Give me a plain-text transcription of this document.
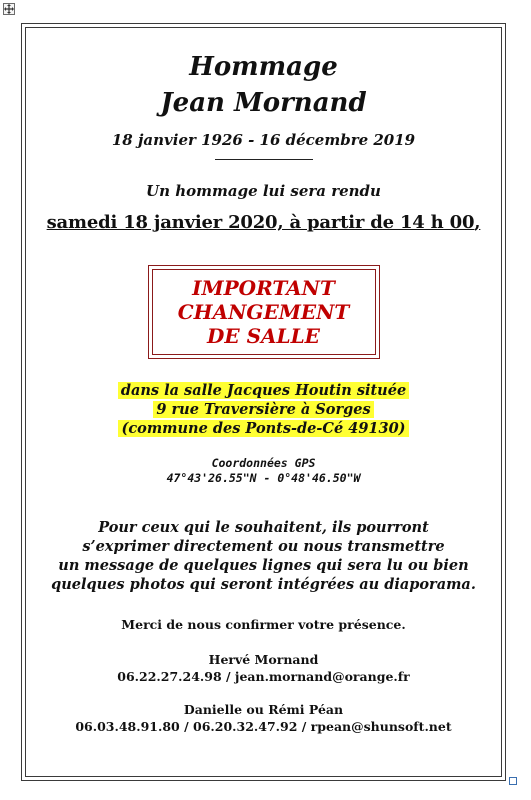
Hommage
Jean Mornand
18 janvier 1926 - 16 décembre 2019
Un hommage lui sera rendu
samedi 18 janvier 2020, à partir de 14 h 00,
IMPORTANT
CHANGEMENT
DE SALLE
dans la salle Jacques Houtin située
9 rue Traversière à Sorges
(commune des Ponts-de-Cé 49130)
Coordonnées GPS
47°43'26.55"N - 0°48'46.50"W
Pour ceux qui le souhaitent, ils pourront
s’exprimer directement ou nous transmettre
un message de quelques lignes qui sera lu ou bien
quelques photos qui seront intégrées au diaporama.
Merci de nous confirmer votre présence.
Hervé Mornand
06.22.27.24.98 / jean.mornand@orange.fr
Danielle ou Rémi Péan
06.03.48.91.80 / 06.20.32.47.92 / rpean@shunsoft.net
